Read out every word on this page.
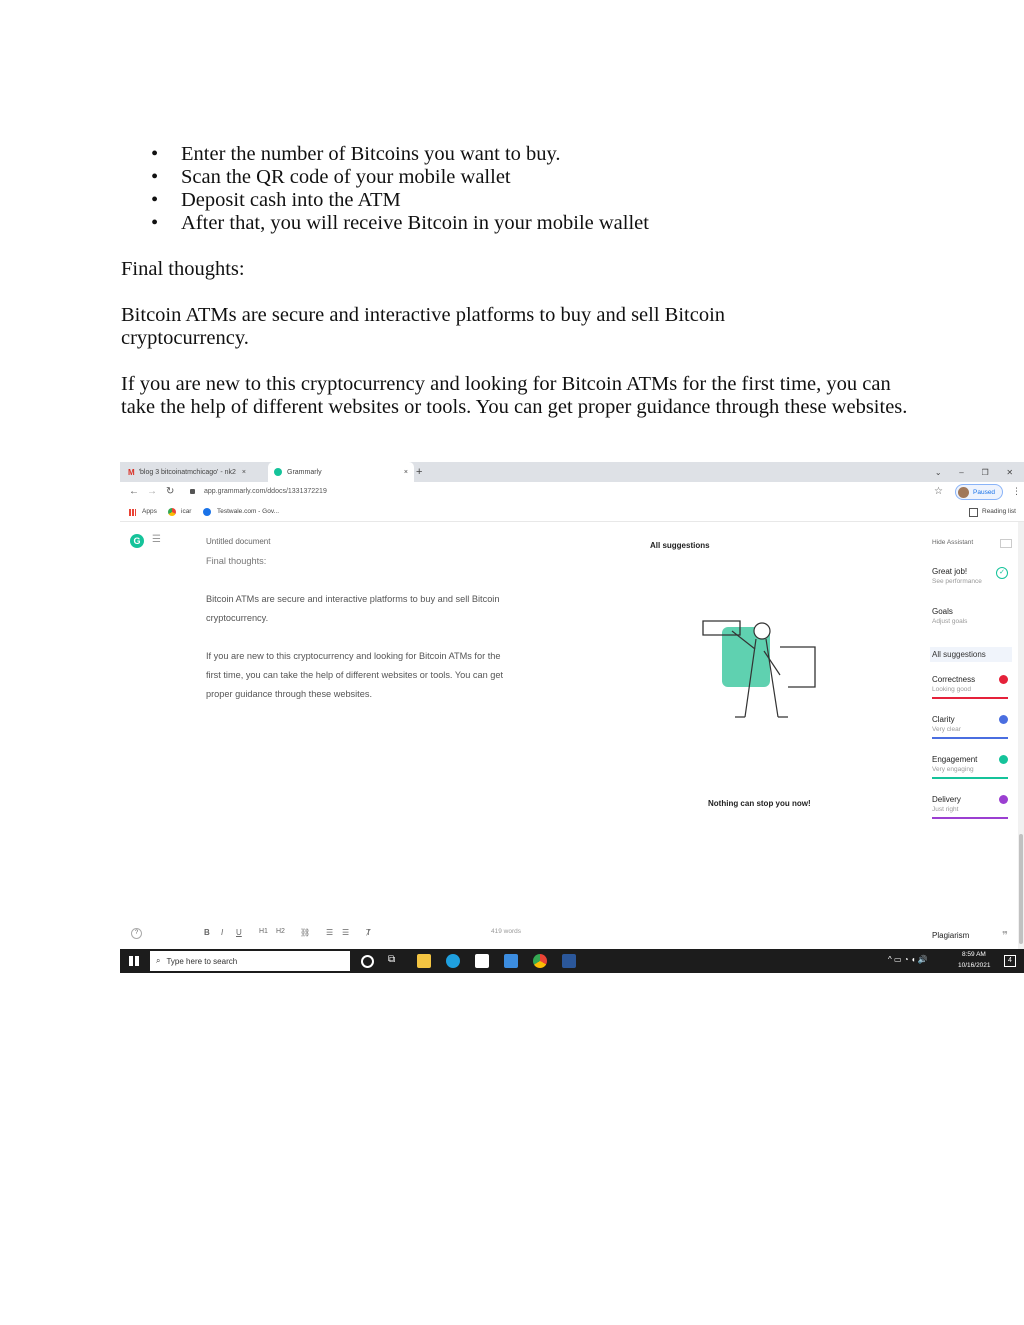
• Enter the number of Bitcoins you want to buy.
• Scan the QR code of your mobile wallet
• Deposit cash into the ATM
• After that, you will receive Bitcoin in your mobile wallet

Final thoughts:

Bitcoin ATMs are secure and interactive platforms to buy and sell Bitcoin cryptocurrency.

If you are new to this cryptocurrency and looking for Bitcoin ATMs for the first time, you can take the help of different websites or tools. You can get proper guidance through these websites.

M 'blog 3 bitcoinatmchicago' - nk2 ×	Grammarly	× +	⌄ – ❐ ✕
← → ↻	app.grammarly.com/ddocs/1331372219	☆	Paused ⋮
Apps	icar	Testwale.com - Gov...	Reading list
G	☰	Untitled document
Final thoughts:
Bitcoin ATMs are secure and interactive platforms to buy and sell Bitcoin
cryptocurrency.
If you are new to this cryptocurrency and looking for Bitcoin ATMs for the
first time, you can take the help of different websites or tools. You can get
proper guidance through these websites.
All suggestions
Nothing can stop you now!
Hide Assistant
Great job!
See performance
✓
Goals
Adjust goals
All suggestions
Correctness
Looking good
Clarity
Very clear
Engagement
Very engaging
Delivery
Just right
Plagiarism	❞
?	B I U H1 H2 ⛓ ☰ ☰ Ⱦ	419 words
⌕ Type here to search	⧉	^ ▭ ◔ ◖ 🔊
8:59 AM
10/16/2021
4
